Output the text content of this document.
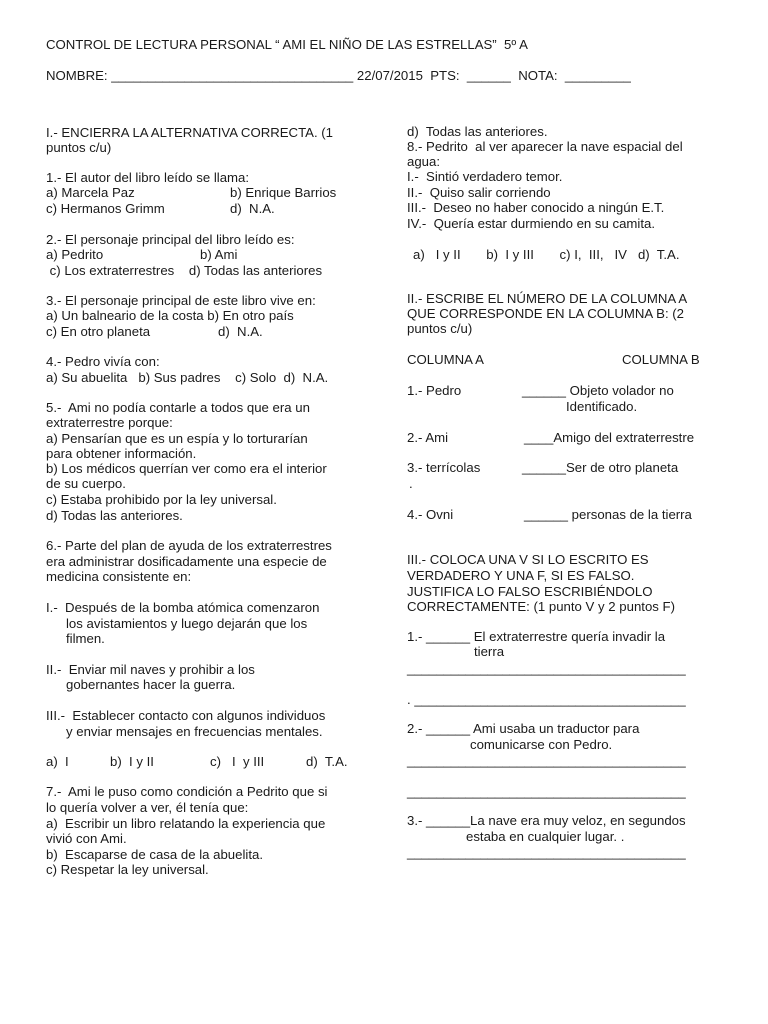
CONTROL DE LECTURA PERSONAL “ AMI EL NIÑO DE LAS ESTRELLAS”  5º A
NOMBRE: _________________________________ 22/07/2015  PTS:  ______  NOTA:  _________
I.- ENCIERRA LA ALTERNATIVA CORRECTA. (1
puntos c/u)
1.- El autor del libro leído se llama:
a) Marcela Paz	b) Enrique Barrios
c) Hermanos Grimm	d)  N.A.
2.- El personaje principal del libro leído es:
a) Pedrito	b) Ami
c) Los extraterrestres    d) Todas las anteriores
3.- El personaje principal de este libro vive en:
a) Un balneario de la costa b) En otro país
c) En otro planeta	d)  N.A.
4.- Pedro vivía con:
a) Su abuelita   b) Sus padres    c) Solo  d)  N.A.
5.-  Ami no podía contarle a todos que era un
extraterrestre porque:
a) Pensarían que es un espía y lo torturarían
para obtener información.
b) Los médicos querrían ver como era el interior
de su cuerpo.
c) Estaba prohibido por la ley universal.
d) Todas las anteriores.
6.- Parte del plan de ayuda de los extraterrestres
era administrar dosificadamente una especie de
medicina consistente en:
I.-  Después de la bomba atómica comenzaron
los avistamientos y luego dejarán que los
filmen.
II.-  Enviar mil naves y prohibir a los
gobernantes hacer la guerra.
III.-  Establecer contacto con algunos individuos
y enviar mensajes en frecuencias mentales.
a)  I	b)  I y II	c)   I  y III	d)  T.A.
7.-  Ami le puso como condición a Pedrito que si
lo quería volver a ver, él tenía que:
a)  Escribir un libro relatando la experiencia que
vivió con Ami.
b)  Escaparse de casa de la abuelita.
c) Respetar la ley universal.
d)  Todas las anteriores.
8.- Pedrito  al ver aparecer la nave espacial del
agua:
I.-  Sintió verdadero temor.
II.-  Quiso salir corriendo
III.-  Deseo no haber conocido a ningún E.T.
IV.-  Quería estar durmiendo en su camita.
a)   I y II       b)  I y III       c) I,  III,   IV   d)  T.A.
II.- ESCRIBE EL NÚMERO DE LA COLUMNA A
QUE CORRESPONDE EN LA COLUMNA B: (2
puntos c/u)
COLUMNA A	COLUMNA B
1.- Pedro	______ Objeto volador no
Identificado.
2.- Ami	____Amigo del extraterrestre
3.- terrícolas	______Ser de otro planeta
.
4.- Ovni	______ personas de la tierra
III.- COLOCA UNA V SI LO ESCRITO ES
VERDADERO Y UNA F, SI ES FALSO.
JUSTIFICA LO FALSO ESCRIBIÉNDOLO
CORRECTAMENTE: (1 punto V y 2 puntos F)
1.- ______ El extraterrestre quería invadir la
tierra
______________________________________
. _____________________________________
2.- ______ Ami usaba un traductor para
comunicarse con Pedro.
______________________________________
______________________________________
3.- ______La nave era muy veloz, en segundos
estaba en cualquier lugar. .
______________________________________
